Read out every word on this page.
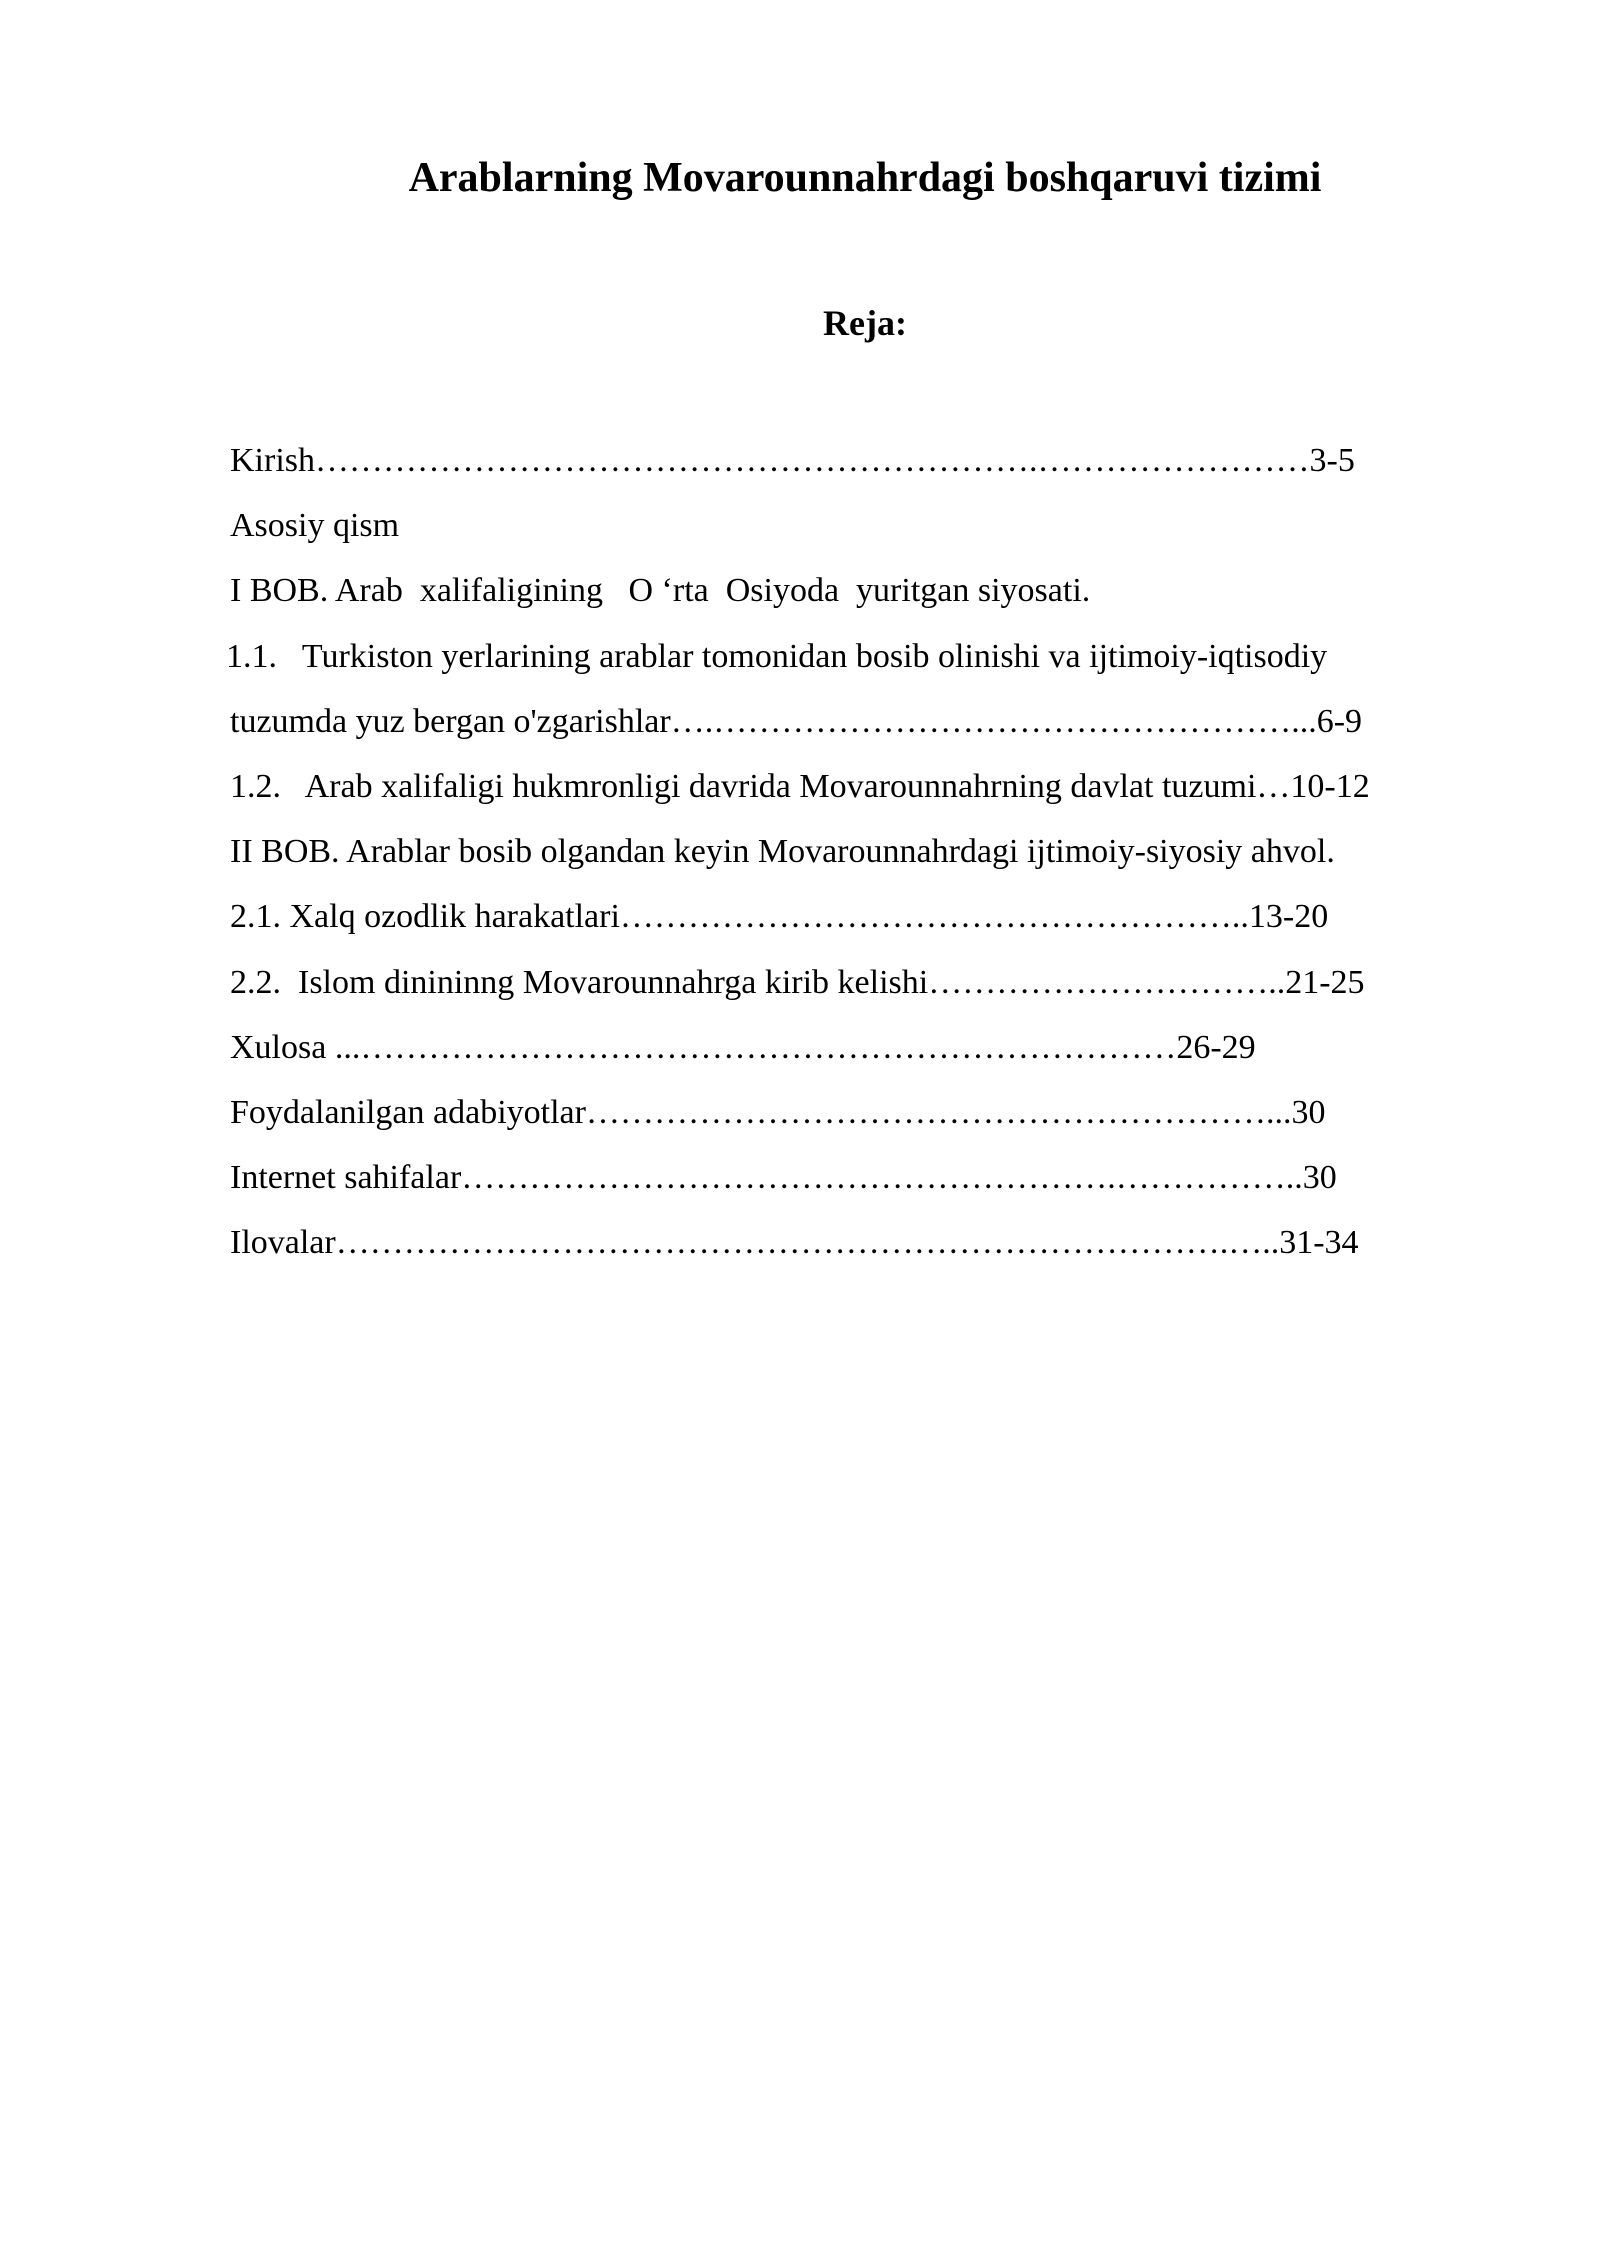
Arablarning Movarounnahrdagi boshqaruvi tizimi
Reja:
Kirish……………………………………………………….……………………3-5
Asosiy qism
I BOB. Arab  xalifaligining   O ‘rta  Osiyoda  yuritgan siyosati.
1.1.   Turkiston yerlarining arablar tomonidan bosib olinishi va ijtimoiy-iqtisodiy
tuzumda yuz bergan o'zgarishlar….……………………………………………...6-9
1.2.   Arab xalifaligi hukmronligi davrida Movarounnahrning davlat tuzumi…10-12
II BOB. Arablar bosib olgandan keyin Movarounnahrdagi ijtimoiy-siyosiy ahvol.
2.1. Xalq ozodlik harakatlari………………………………………………..13-20
2.2.  Islom dinininng Movarounnahrga kirib kelishi…………………………..21-25
Xulosa ...………………………………………………………………26-29
Foydalanilgan adabiyotlar……………………………………………………...30
Internet sahifalar………………………………………………….……………..30
Ilovalar…………………………………………………………………….…..31-34
